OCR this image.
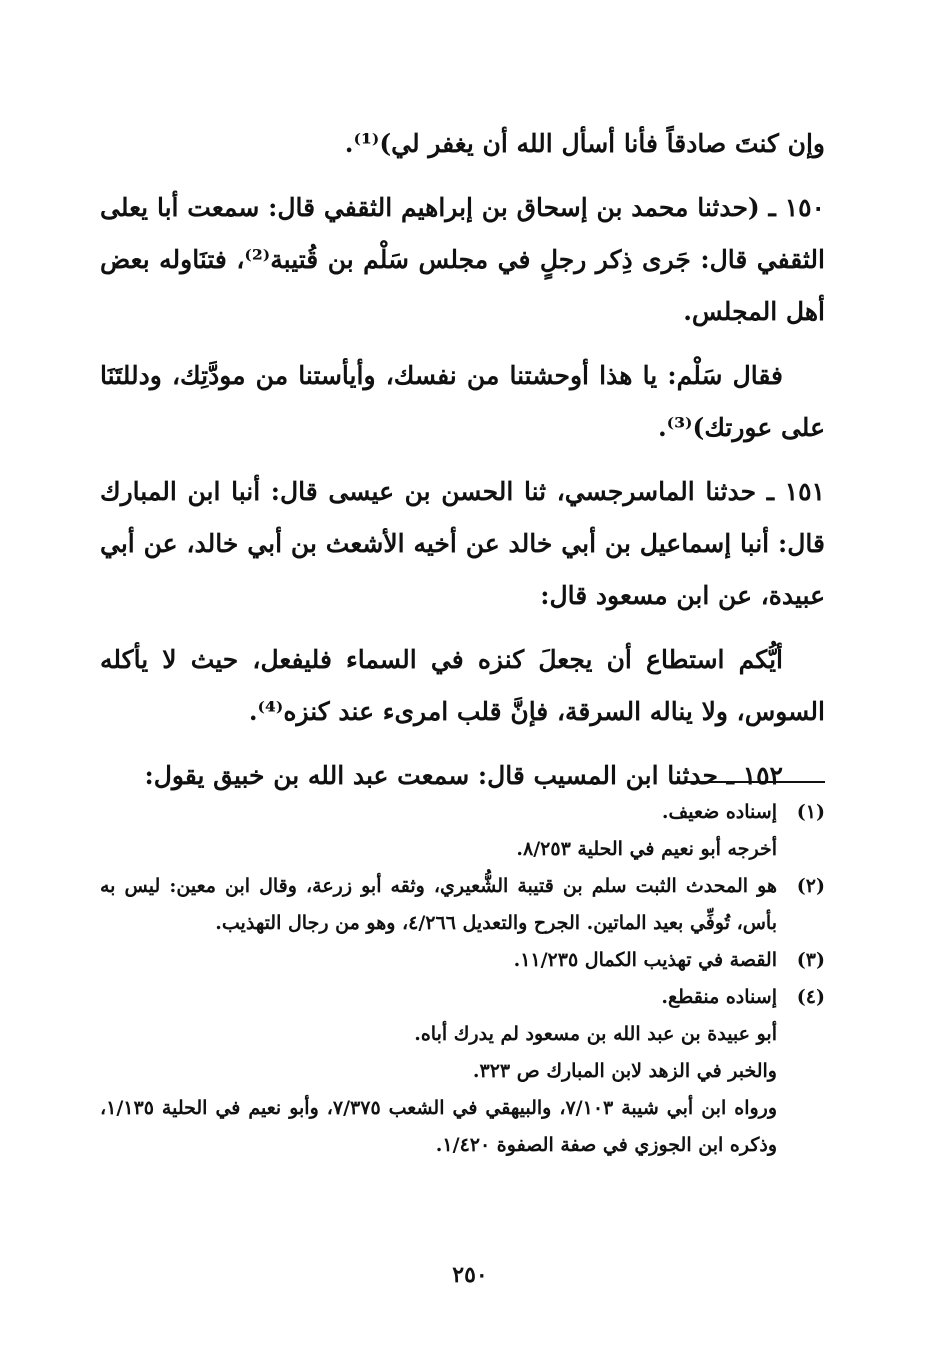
وإن كنتَ صادقاً فأنا أسأل الله أن يغفر لي)⁽¹⁾.

١٥٠ ـ (حدثنا محمد بن إسحاق بن إبراهيم الثقفي قال: سمعت أبا يعلى الثقفي قال: جَرى ذِكر رجلٍ في مجلس سَلْم بن قُتيبة⁽²⁾، فتنَاوله بعض أهل المجلس.

فقال سَلْم: يا هذا أوحشتنا من نفسك، وأيأستنا من مودَّتِك، ودللتَنَا على عورتك)⁽³⁾.

١٥١ ـ حدثنا الماسرجسي، ثنا الحسن بن عيسى قال: أنبا ابن المبارك قال: أنبا إسماعيل بن أبي خالد عن أخيه الأشعث بن أبي خالد، عن أبي عبيدة، عن ابن مسعود قال:

أيُّكم استطاع أن يجعلَ كنزه في السماء فليفعل، حيث لا يأكله السوس، ولا يناله السرقة، فإنَّ قلب امرىء عند كنزه⁽⁴⁾.

١٥٢ ـ حدثنا ابن المسيب قال: سمعت عبد الله بن خبيق يقول:

(١)
إسناده ضعيف.
أخرجه أبو نعيم في الحلية ٨/٢٥٣.
(٢)
هو المحدث الثبت سلم بن قتيبة الشُّعيري، وثقه أبو زرعة، وقال ابن معين: ليس به بأس، تُوفِّي بعيد الماتين. الجرح والتعديل ٤/٢٦٦، وهو من رجال التهذيب.
(٣)
القصة في تهذيب الكمال ١١/٢٣٥.
(٤)
إسناده منقطع.
أبو عبيدة بن عبد الله بن مسعود لم يدرك أباه.
والخبر في الزهد لابن المبارك ص ٣٢٣.
ورواه ابن أبي شيبة ٧/١٠٣، والبيهقي في الشعب ٧/٣٧٥، وأبو نعيم في الحلية ١/١٣٥، وذكره ابن الجوزي في صفة الصفوة ١/٤٢٠.
٢٥٠
